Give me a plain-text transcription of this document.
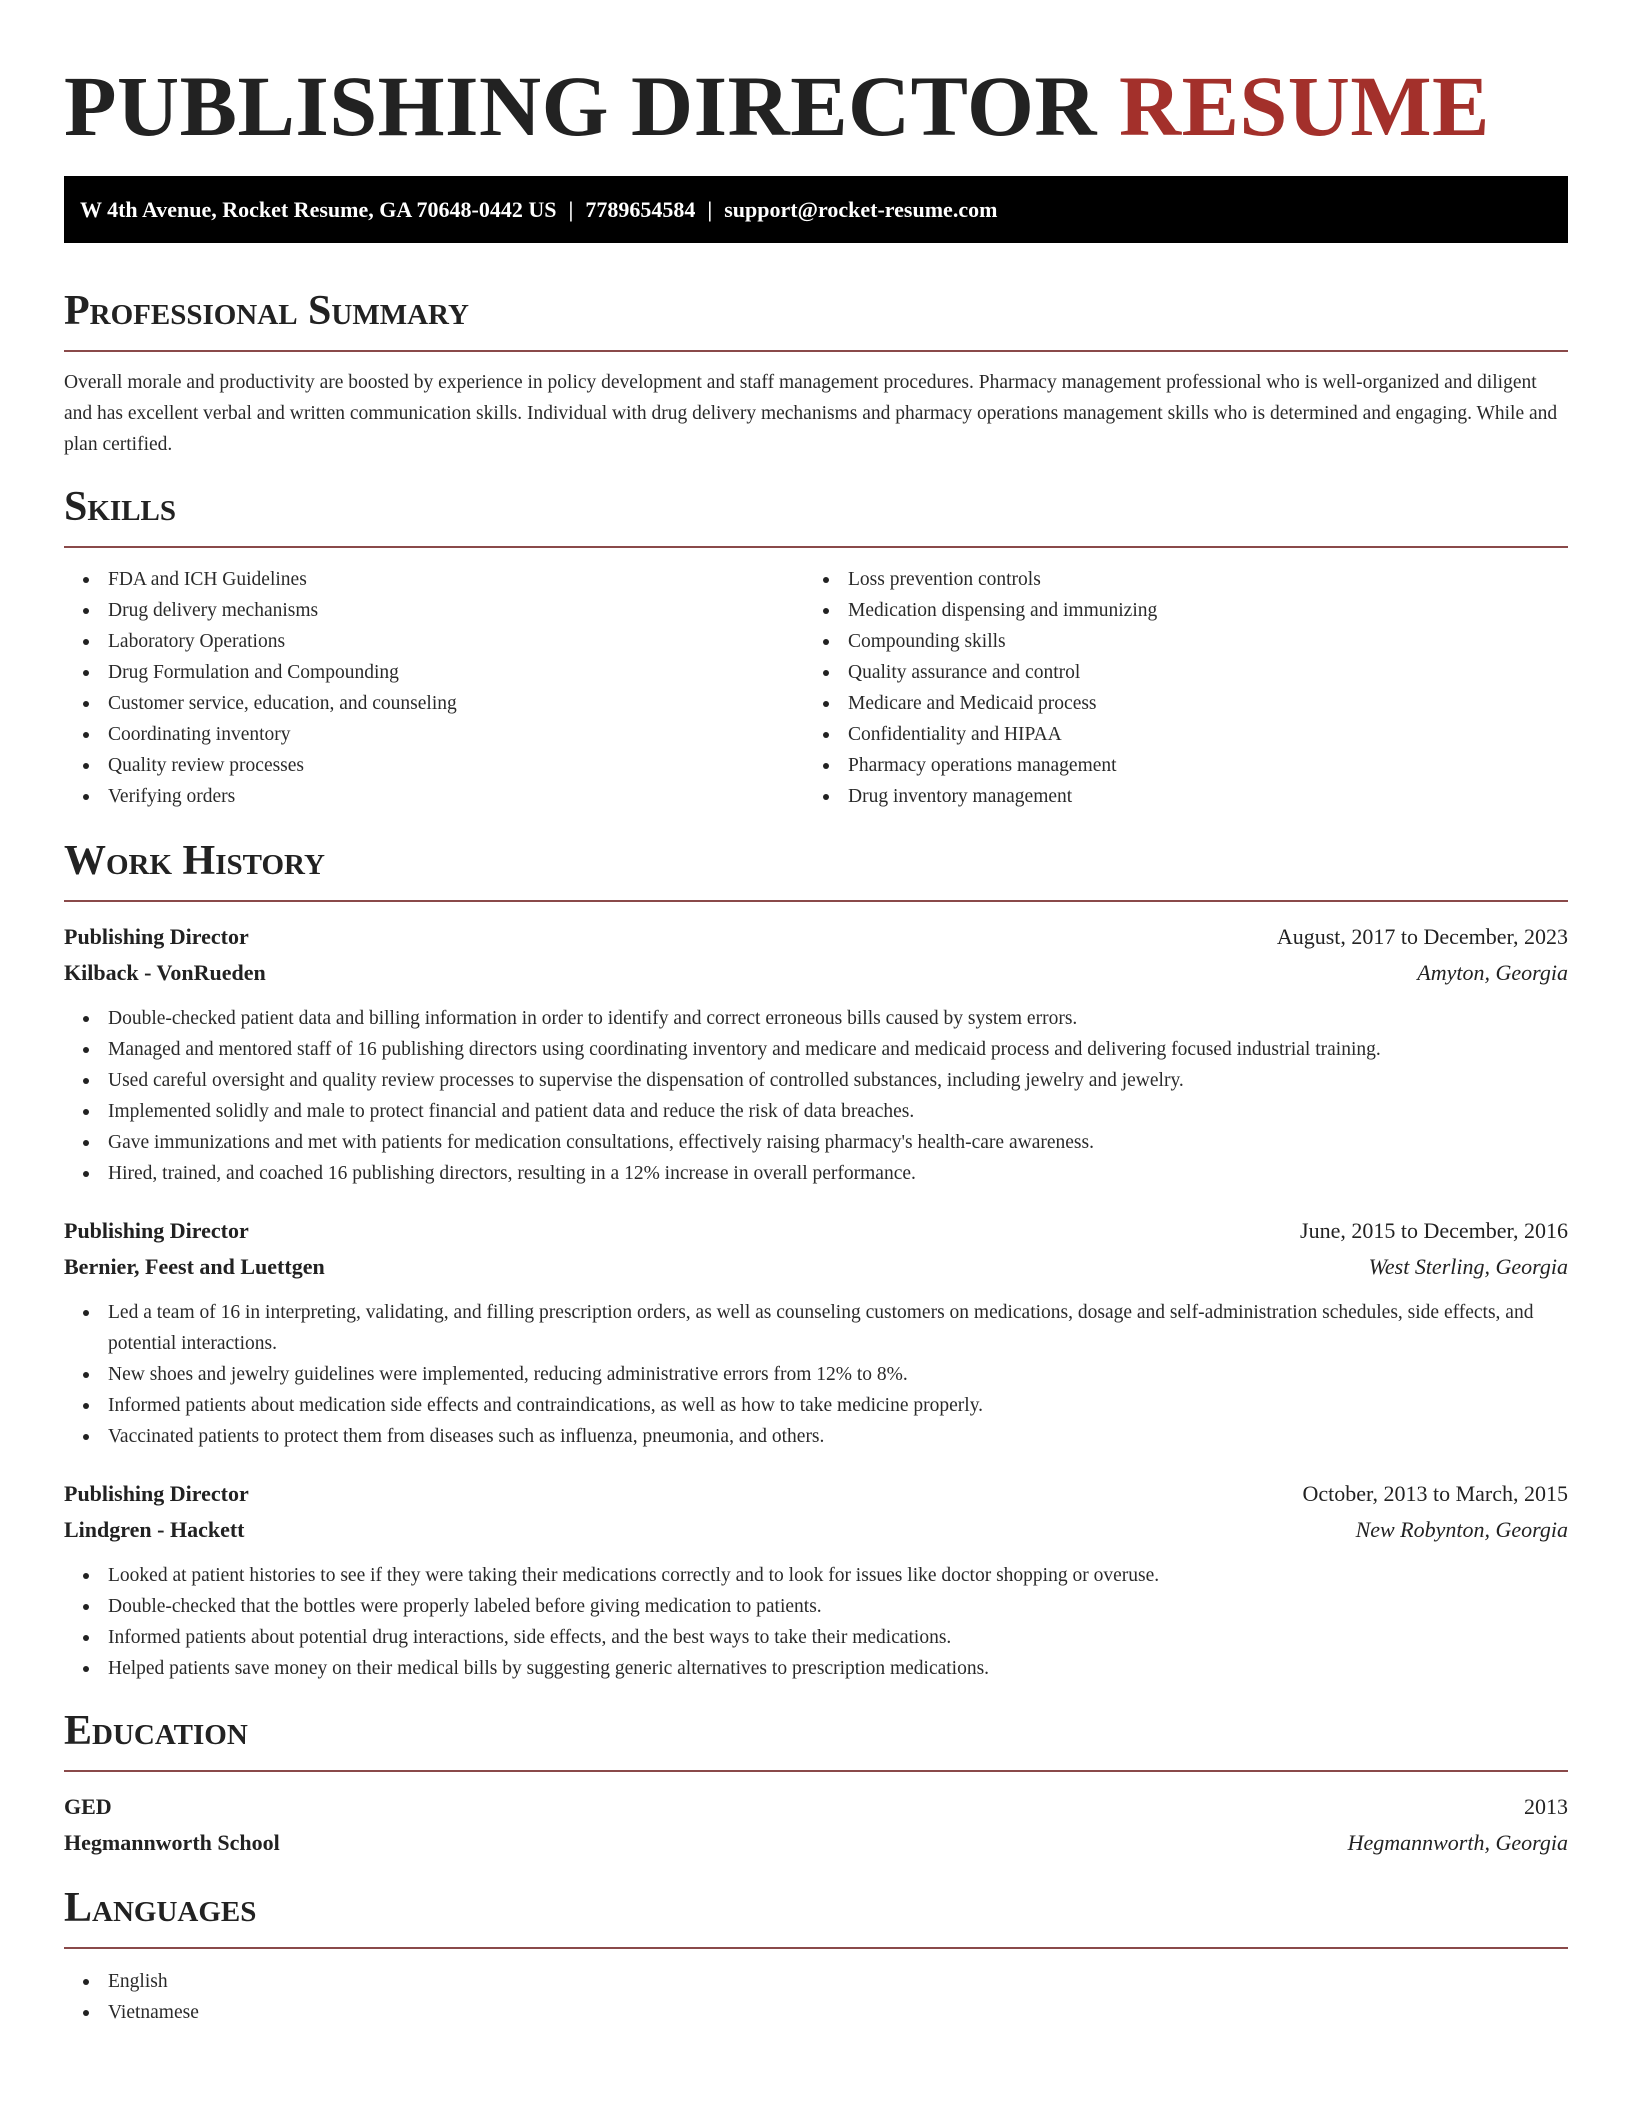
PUBLISHING DIRECTOR RESUME
W 4th Avenue, Rocket Resume, GA 70648-0442 US | 7789654584 | support@rocket-resume.com
Professional Summary

Overall morale and productivity are boosted by experience in policy development and staff management procedures. Pharmacy management professional who is well-organized and diligent and has excellent verbal and written communication skills. Individual with drug delivery mechanisms and pharmacy operations management skills who is determined and engaging. While and plan certified.

Skills
FDA and ICH Guidelines
Drug delivery mechanisms
Laboratory Operations
Drug Formulation and Compounding
Customer service, education, and counseling
Coordinating inventory
Quality review processes
Verifying orders
Loss prevention controls
Medication dispensing and immunizing
Compounding skills
Quality assurance and control
Medicare and Medicaid process
Confidentiality and HIPAA
Pharmacy operations management
Drug inventory management
Work History
Publishing Director	August, 2017 to December, 2023
Kilback - VonRueden	Amyton, Georgia
Double-checked patient data and billing information in order to identify and correct erroneous bills caused by system errors.
Managed and mentored staff of 16 publishing directors using coordinating inventory and medicare and medicaid process and delivering focused industrial training.
Used careful oversight and quality review processes to supervise the dispensation of controlled substances, including jewelry and jewelry.
Implemented solidly and male to protect financial and patient data and reduce the risk of data breaches.
Gave immunizations and met with patients for medication consultations, effectively raising pharmacy's health-care awareness.
Hired, trained, and coached 16 publishing directors, resulting in a 12% increase in overall performance.
Publishing Director	June, 2015 to December, 2016
Bernier, Feest and Luettgen	West Sterling, Georgia
Led a team of 16 in interpreting, validating, and filling prescription orders, as well as counseling customers on medications, dosage and self-administration schedules, side effects, and potential interactions.
New shoes and jewelry guidelines were implemented, reducing administrative errors from 12% to 8%.
Informed patients about medication side effects and contraindications, as well as how to take medicine properly.
Vaccinated patients to protect them from diseases such as influenza, pneumonia, and others.
Publishing Director	October, 2013 to March, 2015
Lindgren - Hackett	New Robynton, Georgia
Looked at patient histories to see if they were taking their medications correctly and to look for issues like doctor shopping or overuse.
Double-checked that the bottles were properly labeled before giving medication to patients.
Informed patients about potential drug interactions, side effects, and the best ways to take their medications.
Helped patients save money on their medical bills by suggesting generic alternatives to prescription medications.
Education
GED	2013
Hegmannworth School	Hegmannworth, Georgia
Languages
English
Vietnamese
